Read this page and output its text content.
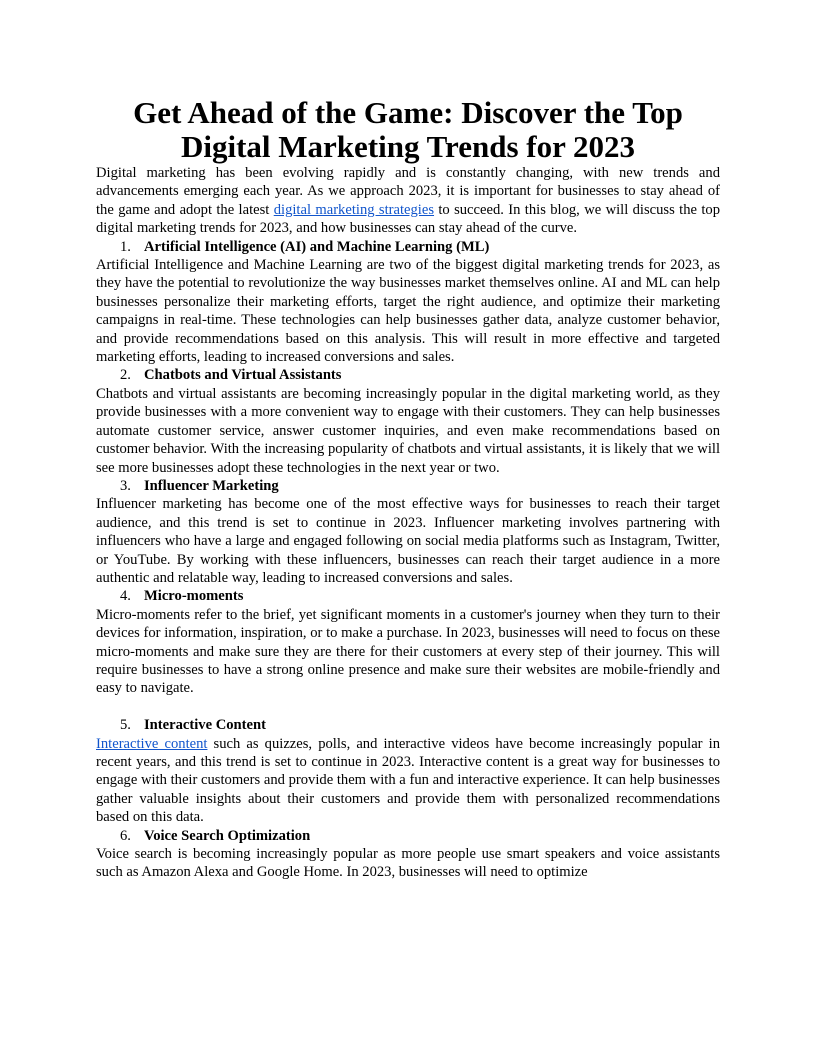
Get Ahead of the Game: Discover the Top Digital Marketing Trends for 2023

Digital marketing has been evolving rapidly and is constantly changing, with new trends and advancements emerging each year. As we approach 2023, it is important for businesses to stay ahead of the game and adopt the latest digital marketing strategies to succeed. In this blog, we will discuss the top digital marketing trends for 2023, and how businesses can stay ahead of the curve.

1. Artificial Intelligence (AI) and Machine Learning (ML)

Artificial Intelligence and Machine Learning are two of the biggest digital marketing trends for 2023, as they have the potential to revolutionize the way businesses market themselves online. AI and ML can help businesses personalize their marketing efforts, target the right audience, and optimize their marketing campaigns in real-time. These technologies can help businesses gather data, analyze customer behavior, and provide recommendations based on this analysis. This will result in more effective and targeted marketing efforts, leading to increased conversions and sales.

2. Chatbots and Virtual Assistants

Chatbots and virtual assistants are becoming increasingly popular in the digital marketing world, as they provide businesses with a more convenient way to engage with their customers. They can help businesses automate customer service, answer customer inquiries, and even make recommendations based on customer behavior. With the increasing popularity of chatbots and virtual assistants, it is likely that we will see more businesses adopt these technologies in the next year or two.

3. Influencer Marketing

Influencer marketing has become one of the most effective ways for businesses to reach their target audience, and this trend is set to continue in 2023. Influencer marketing involves partnering with influencers who have a large and engaged following on social media platforms such as Instagram, Twitter, or YouTube. By working with these influencers, businesses can reach their target audience in a more authentic and relatable way, leading to increased conversions and sales.

4. Micro-moments

Micro-moments refer to the brief, yet significant moments in a customer's journey when they turn to their devices for information, inspiration, or to make a purchase. In 2023, businesses will need to focus on these micro-moments and make sure they are there for their customers at every step of their journey. This will require businesses to have a strong online presence and make sure their websites are mobile-friendly and easy to navigate.

5. Interactive Content

Interactive content such as quizzes, polls, and interactive videos have become increasingly popular in recent years, and this trend is set to continue in 2023. Interactive content is a great way for businesses to engage with their customers and provide them with a fun and interactive experience. It can help businesses gather valuable insights about their customers and provide them with personalized recommendations based on this data.

6. Voice Search Optimization

Voice search is becoming increasingly popular as more people use smart speakers and voice assistants such as Amazon Alexa and Google Home. In 2023, businesses will need to optimize
